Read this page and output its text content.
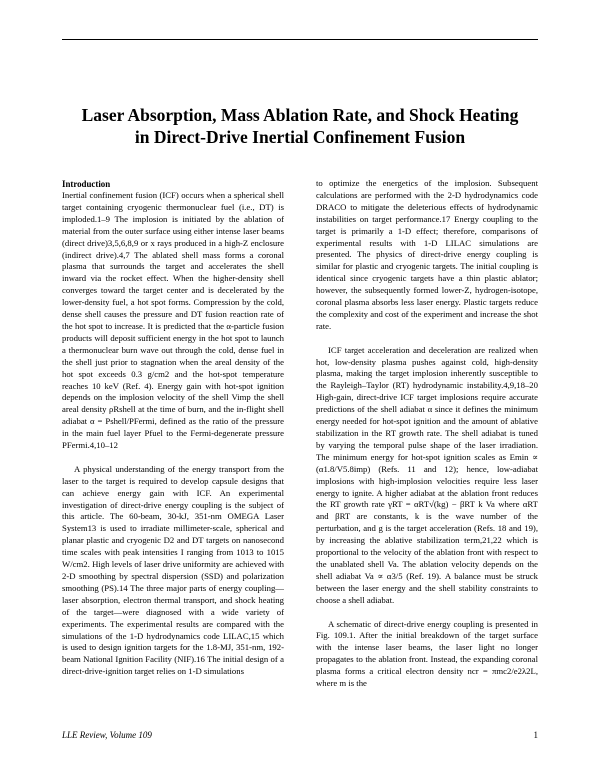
Laser Absorption, Mass Ablation Rate, and Shock Heating
in Direct-Drive Inertial Confinement Fusion
Introduction

Inertial confinement fusion (ICF) occurs when a spherical shell target containing cryogenic thermonuclear fuel (i.e., DT) is imploded.1–9 The implosion is initiated by the ablation of material from the outer surface using either intense laser beams (direct drive)3,5,6,8,9 or x rays produced in a high-Z enclosure (indirect drive).4,7 The ablated shell mass forms a coronal plasma that surrounds the target and accelerates the shell inward via the rocket effect. When the higher-density shell converges toward the target center and is decelerated by the lower-density fuel, a hot spot forms. Compression by the cold, dense shell causes the pressure and DT fusion reaction rate of the hot spot to increase. It is predicted that the α-particle fusion products will deposit sufficient energy in the hot spot to launch a thermonuclear burn wave out through the cold, dense fuel in the shell just prior to stagnation when the areal density of the hot spot exceeds 0.3 g/cm2 and the hot-spot temperature reaches 10 keV (Ref. 4). Energy gain with hot-spot ignition depends on the implosion velocity of the shell Vimp the shell areal density ρRshell at the time of burn, and the in-flight shell adiabat α = Pshell/PFermi, defined as the ratio of the pressure in the main fuel layer Pfuel to the Fermi-degenerate pressure PFermi.4,10–12

A physical understanding of the energy transport from the laser to the target is required to develop capsule designs that can achieve energy gain with ICF. An experimental investigation of direct-drive energy coupling is the subject of this article. The 60-beam, 30-kJ, 351-nm OMEGA Laser System13 is used to irradiate millimeter-scale, spherical and planar plastic and cryogenic D2 and DT targets on nanosecond time scales with peak intensities I ranging from 1013 to 1015 W/cm2. High levels of laser drive uniformity are achieved with 2-D smoothing by spectral dispersion (SSD) and polarization smoothing (PS).14 The three major parts of energy coupling—laser absorption, electron thermal transport, and shock heating of the target—were diagnosed with a wide variety of experiments. The experimental results are compared with the simulations of the 1-D hydrodynamics code LILAC,15 which is used to design ignition targets for the 1.8-MJ, 351-nm, 192-beam National Ignition Facility (NIF).16 The initial design of a direct-drive-ignition target relies on 1-D simulations

to optimize the energetics of the implosion. Subsequent calculations are performed with the 2-D hydrodynamics code DRACO to mitigate the deleterious effects of hydrodynamic instabilities on target performance.17 Energy coupling to the target is primarily a 1-D effect; therefore, comparisons of experimental results with 1-D LILAC simulations are presented. The physics of direct-drive energy coupling is similar for plastic and cryogenic targets. The initial coupling is identical since cryogenic targets have a thin plastic ablator; however, the subsequently formed lower-Z, hydrogen-isotope, coronal plasma absorbs less laser energy. Plastic targets reduce the complexity and cost of the experiment and increase the shot rate.

ICF target acceleration and deceleration are realized when hot, low-density plasma pushes against cold, high-density plasma, making the target implosion inherently susceptible to the Rayleigh–Taylor (RT) hydrodynamic instability.4,9,18–20 High-gain, direct-drive ICF target implosions require accurate predictions of the shell adiabat α since it defines the minimum energy needed for hot-spot ignition and the amount of ablative stabilization in the RT growth rate. The shell adiabat is tuned by varying the temporal pulse shape of the laser irradiation. The minimum energy for hot-spot ignition scales as Emin ∝ (α1.8/V5.8imp) (Refs. 11 and 12); hence, low-adiabat implosions with high-implosion velocities require less laser energy to ignite. A higher adiabat at the ablation front reduces the RT growth rate γRT = αRT√(kg) − βRT k Va where αRT and βRT are constants, k is the wave number of the perturbation, and g is the target acceleration (Refs. 18 and 19), by increasing the ablative stabilization term,21,22 which is proportional to the velocity of the ablation front with respect to the unablated shell Va. The ablation velocity depends on the shell adiabat Va ∝ α3/5 (Ref. 19). A balance must be struck between the laser energy and the shell stability constraints to choose a shell adiabat.

A schematic of direct-drive energy coupling is presented in Fig. 109.1. After the initial breakdown of the target surface with the intense laser beams, the laser light no longer propagates to the ablation front. Instead, the expanding coronal plasma forms a critical electron density ncr = πmc2/e2λ2L, where m is the

LLE Review, Volume 109	1
